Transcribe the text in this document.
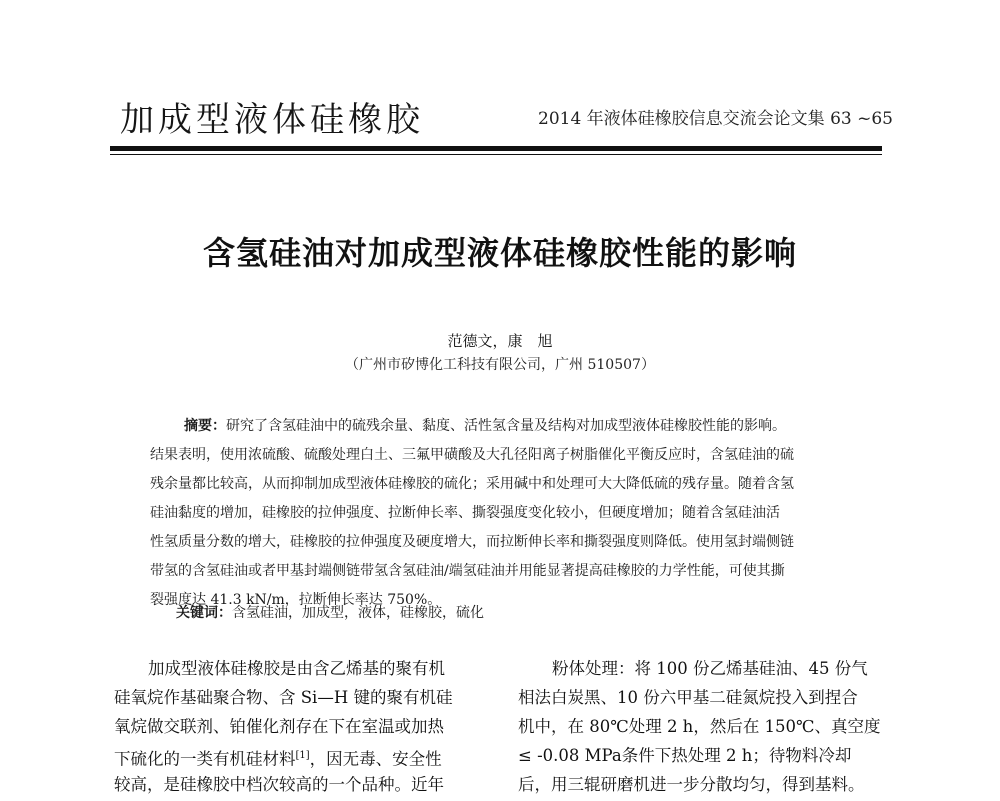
加成型液体硅橡胶	2014 年液体硅橡胶信息交流会论文集 63 ~65
含氢硅油对加成型液体硅橡胶性能的影响
范德文，康　旭
（广州市矽博化工科技有限公司，广州 510507）
摘要：研究了含氢硅油中的硫残余量、黏度、活性氢含量及结构对加成型液体硅橡胶性能的影响。
结果表明，使用浓硫酸、硫酸处理白土、三氟甲磺酸及大孔径阳离子树脂催化平衡反应时，含氢硅油的硫
残余量都比较高，从而抑制加成型液体硅橡胶的硫化；采用碱中和处理可大大降低硫的残存量。随着含氢
硅油黏度的增加，硅橡胶的拉伸强度、拉断伸长率、撕裂强度变化较小，但硬度增加；随着含氢硅油活
性氢质量分数的增大，硅橡胶的拉伸强度及硬度增大，而拉断伸长率和撕裂强度则降低。使用氢封端侧链
带氢的含氢硅油或者甲基封端侧链带氢含氢硅油/端氢硅油并用能显著提高硅橡胶的力学性能，可使其撕
裂强度达 41.3 kN/m，拉断伸长率达 750%。
关键词：含氢硅油，加成型，液体，硅橡胶，硫化
加成型液体硅橡胶是由含乙烯基的聚有机
硅氧烷作基础聚合物、含 Si—H 键的聚有机硅
氧烷做交联剂、铂催化剂存在下在室温或加热
下硫化的一类有机硅材料[1]，因无毒、安全性
较高，是硅橡胶中档次较高的一个品种。近年
粉体处理：将 100 份乙烯基硅油、45 份气
相法白炭黑、10 份六甲基二硅氮烷投入到捏合
机中，在 80℃处理 2 h，然后在 150℃、真空度
≤ -0.08 MPa条件下热处理 2 h；待物料冷却
后，用三辊研磨机进一步分散均匀，得到基料。
